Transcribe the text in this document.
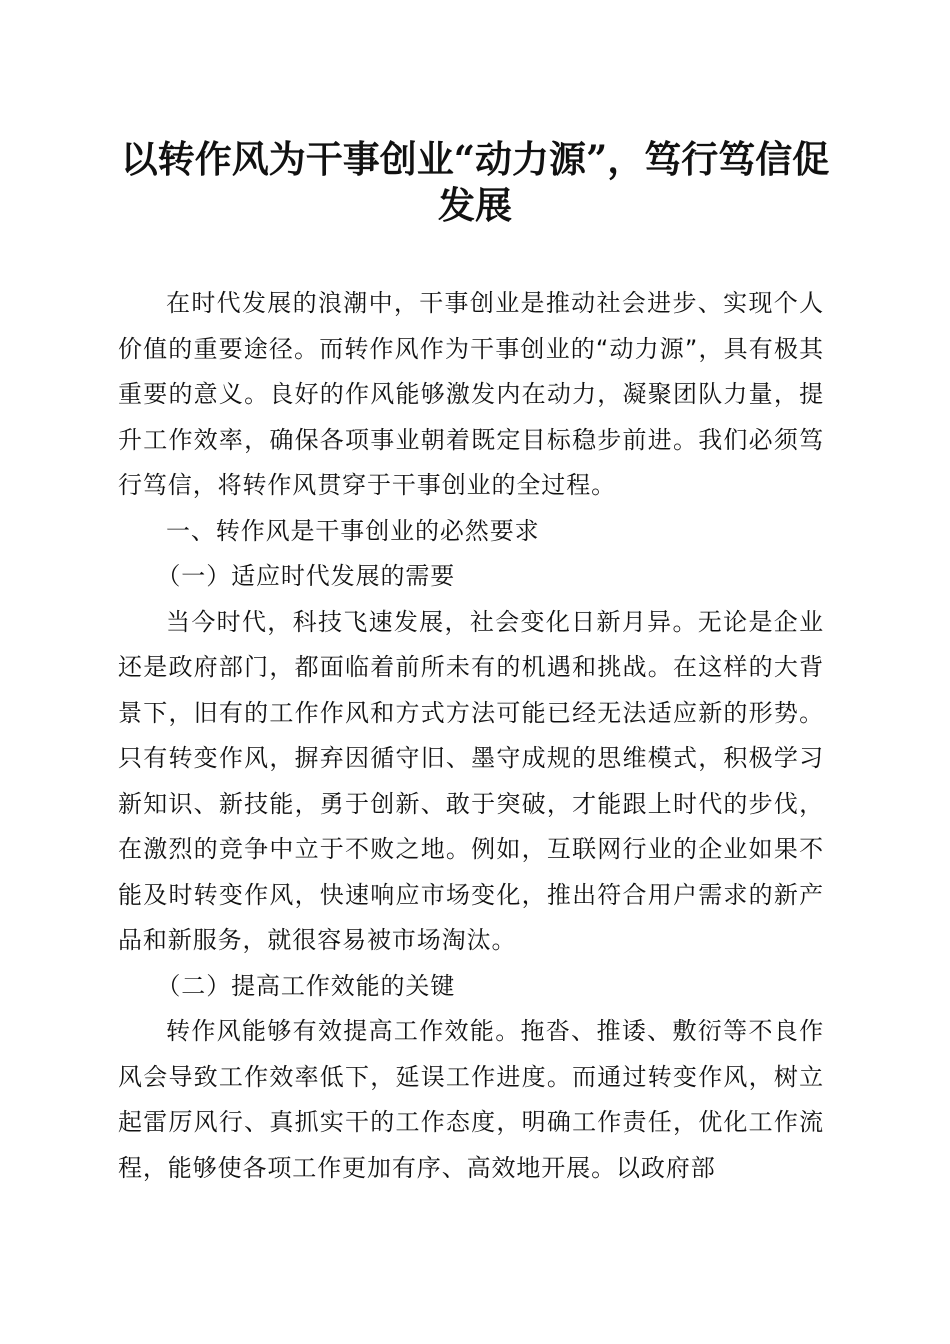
以转作风为干事创业“动力源”，笃行笃信促
发展

在时代发展的浪潮中，干事创业是推动社会进步、实现个人价值的重要途径。而转作风作为干事创业的“动力源”，具有极其重要的意义。良好的作风能够激发内在动力，凝聚团队力量，提升工作效率，确保各项事业朝着既定目标稳步前进。我们必须笃行笃信，将转作风贯穿于干事创业的全过程。

一、转作风是干事创业的必然要求

（一）适应时代发展的需要

当今时代，科技飞速发展，社会变化日新月异。无论是企业还是政府部门，都面临着前所未有的机遇和挑战。在这样的大背景下，旧有的工作作风和方式方法可能已经无法适应新的形势。只有转变作风，摒弃因循守旧、墨守成规的思维模式，积极学习新知识、新技能，勇于创新、敢于突破，才能跟上时代的步伐，在激烈的竞争中立于不败之地。例如，互联网行业的企业如果不能及时转变作风，快速响应市场变化，推出符合用户需求的新产品和新服务，就很容易被市场淘汰。

（二）提高工作效能的关键

转作风能够有效提高工作效能。拖沓、推诿、敷衍等不良作风会导致工作效率低下，延误工作进度。而通过转变作风，树立起雷厉风行、真抓实干的工作态度，明确工作责任，优化工作流程，能够使各项工作更加有序、高效地开展。以政府部
